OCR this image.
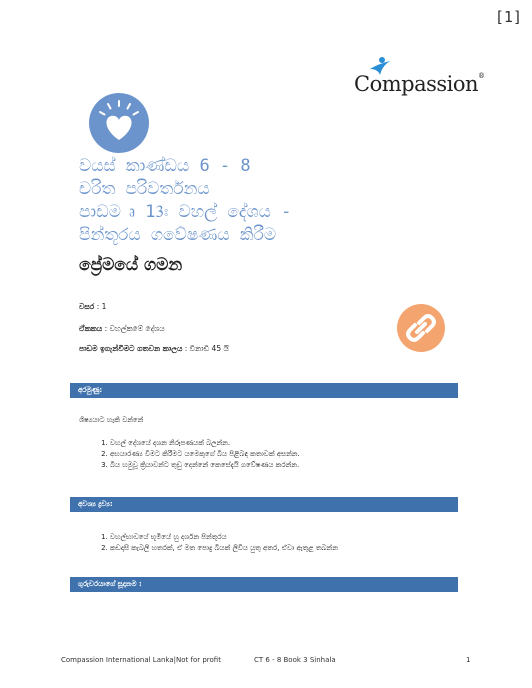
[1]
Compassion®
වයස් කාණ්ඩය 6 - 8
චරිත පරිවර්තනය
පාඩම ෘ 13ඃ වහල් දේශය -
පින්තූරය ගවේෂණය කිරීම
ප්‍රේමයේ ගමන
වසර : 1
ඒකකය : වහල්කමේ දේශය
පාඩම ඉගැන්වීමට ගතවන කාලය : විනාඩි 45 යි
අරමුණු:
ශිෂ්‍යයාට හැකි වන්නේ
1. වහල් දේශයේ දශන නිරූපණයක් බලන්න.
2. අභයාරණ්‍ය වීමට කිරීමට යමෙකුගේ බිය පිළිබඳ කතාවක් අසන්න.
3. බිය හමුවූ ක්‍රියාවන්ට තුඩු දෙන්නේ කෙසේදැයි ගවේෂණය කරන්න.
අවශ්‍ය ද්‍රව්‍ය:
1. වහල්භාවයේ භූමියේ හු දර්ශන පින්තූරය
2. කඩදාසි කැබලි හතරක්, ඒ මත පොදු බියක් ලිවිය යුතු අතර, ඒවා ඇතුළ තබන්න
ගුරුවරයාගේ සූදානම :
Compassion International Lanka|Not for profit	CT 6 - 8 Book 3 Sinhala	1
